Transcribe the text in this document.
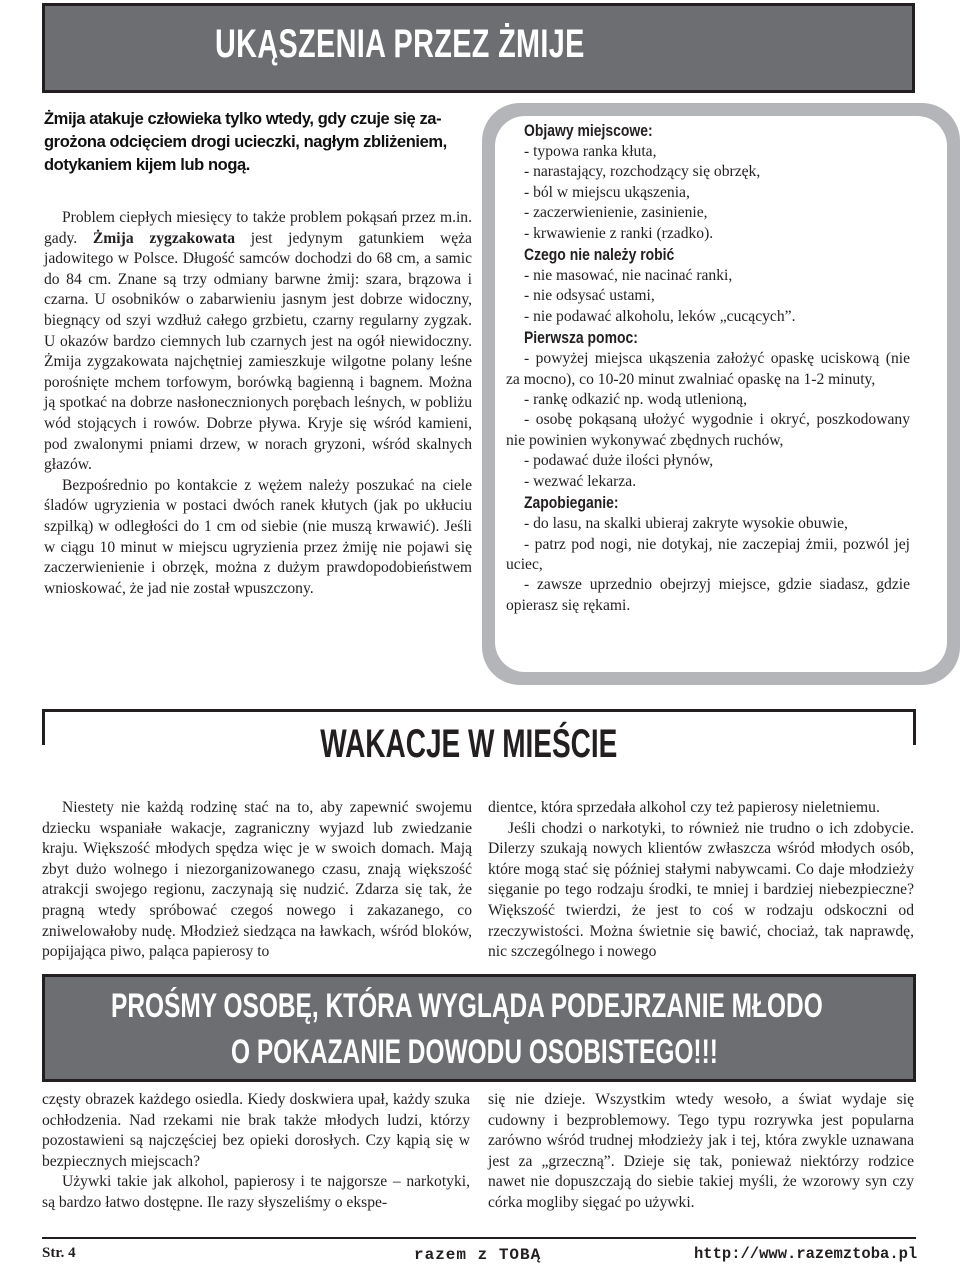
UKĄSZENIA PRZEZ ŻMIJE
Żmija atakuje człowieka tylko wtedy, gdy czuje się za-
grożona odcięciem drogi ucieczki, nagłym zbliżeniem,
dotykaniem kijem lub nogą.

Problem ciepłych miesięcy to także problem pokąsań przez m.in. gady. Żmija zygzakowata jest jedynym gatunkiem węża jadowitego w Polsce. Długość samców dochodzi do 68 cm, a samic do 84 cm. Znane są trzy odmiany barwne żmij: szara, brązowa i czarna. U osobników o zabarwieniu jasnym jest dobrze widoczny, biegnący od szyi wzdłuż całego grzbietu, czarny regularny zygzak. U okazów bardzo ciemnych lub czarnych jest na ogół niewidoczny. Żmija zygzakowata najchętniej zamieszkuje wilgotne polany leśne porośnięte mchem torfowym, borówką bagienną i bagnem. Można ją spotkać na dobrze nasłonecznionych porębach leśnych, w pobliżu wód stojących i rowów. Dobrze pływa. Kryje się wśród kamieni, pod zwalonymi pniami drzew, w norach gryzoni, wśród skalnych głazów.

Bezpośrednio po kontakcie z wężem należy poszukać na ciele śladów ugryzienia w postaci dwóch ranek kłutych (jak po ukłuciu szpilką) w odległości do 1 cm od siebie (nie muszą krwawić). Jeśli w ciągu 10 minut w miejscu ugryzienia przez żmiję nie pojawi się zaczerwienienie i obrzęk, można z dużym prawdopodobieństwem wnioskować, że jad nie został wpuszczony.

Objawy miejscowe:
- typowa ranka kłuta,
- narastający, rozchodzący się obrzęk,
- ból w miejscu ukąszenia,
- zaczerwienienie, zasinienie,
- krwawienie z ranki (rzadko).
Czego nie należy robić
- nie masować, nie nacinać ranki,
- nie odsysać ustami,
- nie podawać alkoholu, leków „cucących”.
Pierwsza pomoc:
- powyżej miejsca ukąszenia założyć opaskę uciskową (nie za mocno), co 10-20 minut zwalniać opaskę na 1-2 minuty,
- rankę odkazić np. wodą utlenioną,
- osobę pokąsaną ułożyć wygodnie i okryć, poszkodowany nie powinien wykonywać zbędnych ruchów,
- podawać duże ilości płynów,
- wezwać lekarza.
Zapobieganie:
- do lasu, na skalki ubieraj zakryte wysokie obuwie,
- patrz pod nogi, nie dotykaj, nie zaczepiaj żmii, pozwól jej uciec,
- zawsze uprzednio obejrzyj miejsce, gdzie siadasz, gdzie opierasz się rękami.
WAKACJE W MIEŚCIE

Niestety nie każdą rodzinę stać na to, aby zapewnić swojemu dziecku wspaniałe wakacje, zagraniczny wyjazd lub zwiedzanie kraju. Większość młodych spędza więc je w swoich domach. Mają zbyt dużo wolnego i niezorganizowanego czasu, znają większość atrakcji swojego regionu, zaczynają się nudzić. Zdarza się tak, że pragną wtedy spróbować czegoś nowego i zakazanego, co zniwelowałoby nudę. Młodzież siedząca na ławkach, wśród bloków, popijająca piwo, paląca papierosy to

dientce, która sprzedała alkohol czy też papierosy nieletniemu.

Jeśli chodzi o narkotyki, to również nie trudno o ich zdobycie. Dilerzy szukają nowych klientów zwłaszcza wśród młodych osób, które mogą stać się później stałymi nabywcami. Co daje młodzieży sięganie po tego rodzaju środki, te mniej i bardziej niebezpieczne? Większość twierdzi, że jest to coś w rodzaju odskoczni od rzeczywistości. Można świetnie się bawić, chociaż, tak naprawdę, nic szczególnego i nowego

PROŚMY OSOBĘ, KTÓRA WYGLĄDA PODEJRZANIE MŁODO
O POKAZANIE DOWODU OSOBISTEGO!!!

częsty obrazek każdego osiedla. Kiedy doskwiera upał, każdy szuka ochłodzenia. Nad rzekami nie brak także młodych ludzi, którzy pozostawieni są najczęściej bez opieki dorosłych. Czy kąpią się w bezpiecznych miejscach?

Używki takie jak alkohol, papierosy i te najgorsze – narkotyki, są bardzo łatwo dostępne. Ile razy słyszeliśmy o ekspe-

się nie dzieje. Wszystkim wtedy wesoło, a świat wydaje się cudowny i bezproblemowy. Tego typu rozrywka jest popularna zarówno wśród trudnej młodzieży jak i tej, która zwykle uznawana jest za „grzeczną”. Dzieje się tak, ponieważ niektórzy rodzice nawet nie dopuszczają do siebie takiej myśli, że wzorowy syn czy córka mogliby sięgać po używki.

Str. 4	razem z TOBĄ	http://www.razemztoba.pl
